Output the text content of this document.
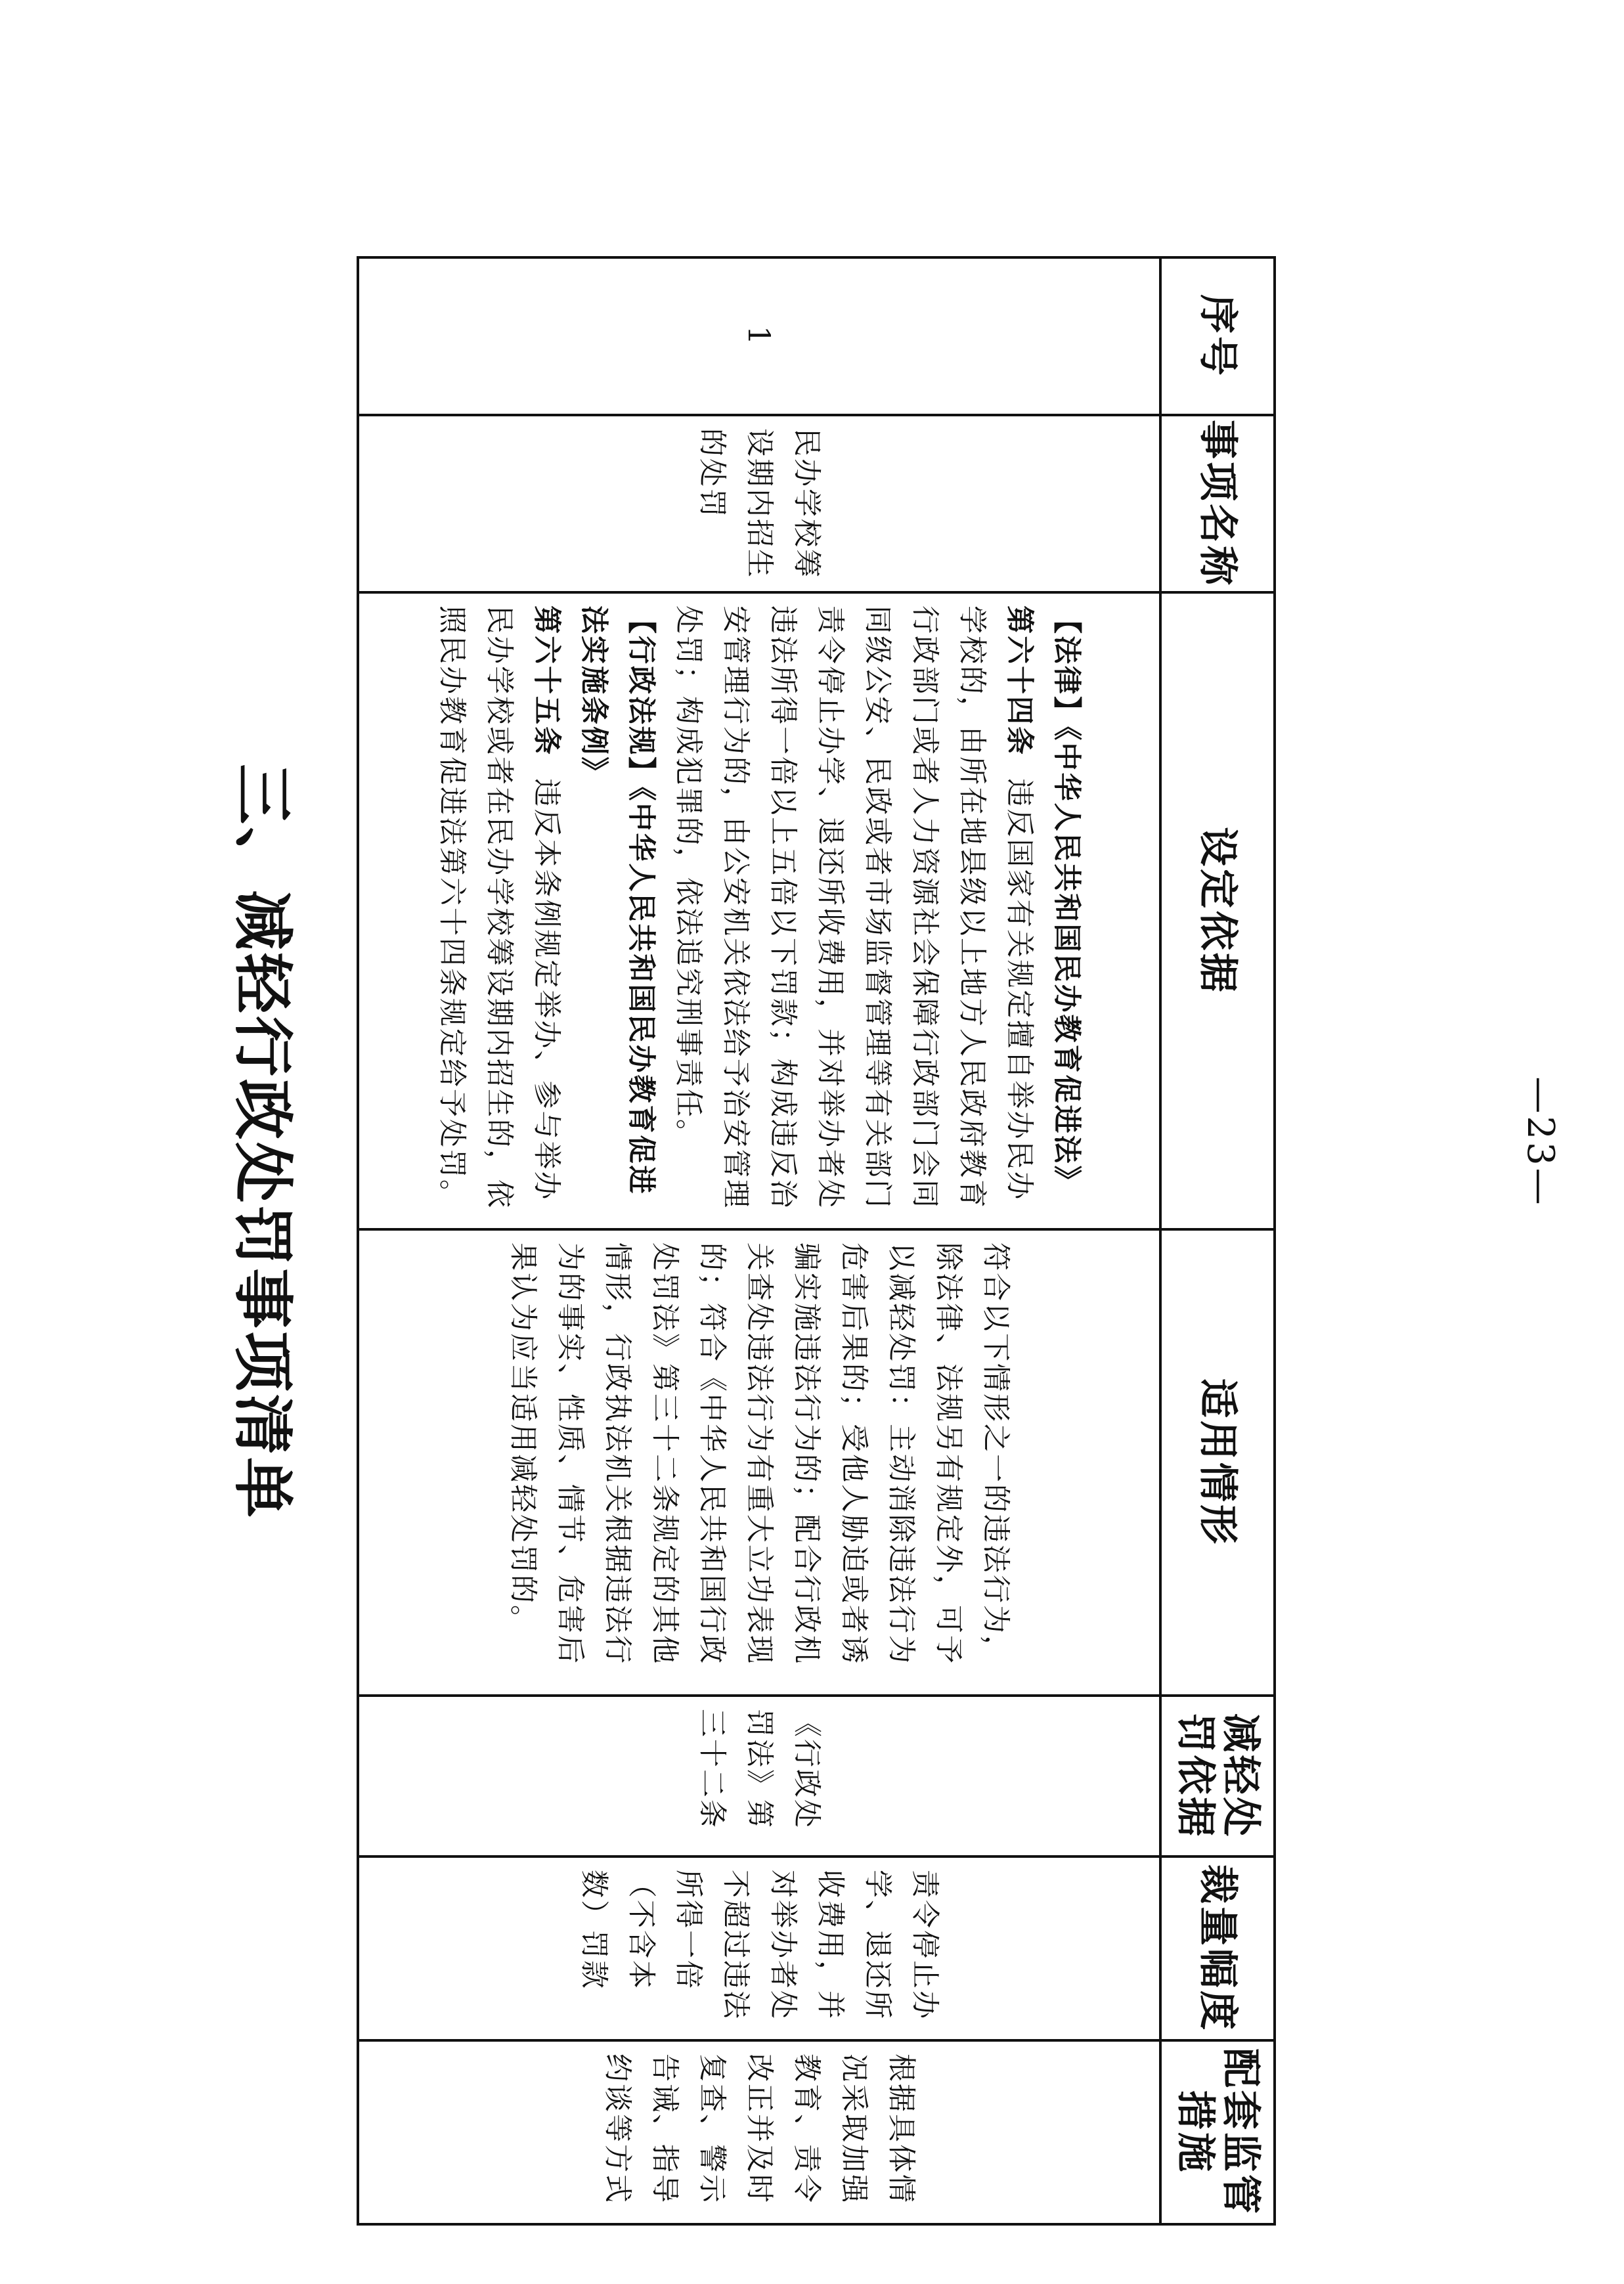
三、减轻行政处罚事项清单
序号	事项名称	设定依据	适用情形	减轻处罚依据	裁量幅度	配套监管措施
1	民办学校筹设期内招生的处罚	【法律】《中华人民共和国民办教育促进法》
第六十四条  违反国家有关规定擅自举办民办学校的，由所在地县级以上地方人民政府教育行政部门或者人力资源社会保障行政部门会同同级公安、民政或者市场监督管理等有关部门责令停止办学、退还所收费用，并对举办者处违法所得一倍以上五倍以下罚款；构成违反治安管理行为的，由公安机关依法给予治安管理处罚；构成犯罪的，依法追究刑事责任。
【行政法规】《中华人民共和国民办教育促进法实施条例》
第六十五条  违反本条例规定举办、参与举办民办学校或者在民办学校筹设期内招生的，依照民办教育促进法第六十四条规定给予处罚。	符合以下情形之一的违法行为，除法律、法规另有规定外，可予以减轻处罚：主动消除违法行为危害后果的；受他人胁迫或者诱骗实施违法行为的；配合行政机关查处违法行为有重大立功表现的；符合《中华人民共和国行政处罚法》第三十二条规定的其他情形，行政执法机关根据违法行为的事实、性质、情节、危害后果认为应当适用减轻处罚的。	《行政处罚法》第三十二条	责令停止办学、退还所收费用，并对举办者处不超过违法所得一倍（不含本数）罚款	根据具体情况采取加强教育、责令改正并及时复查、警示告诫、指导约谈等方式
—23—
